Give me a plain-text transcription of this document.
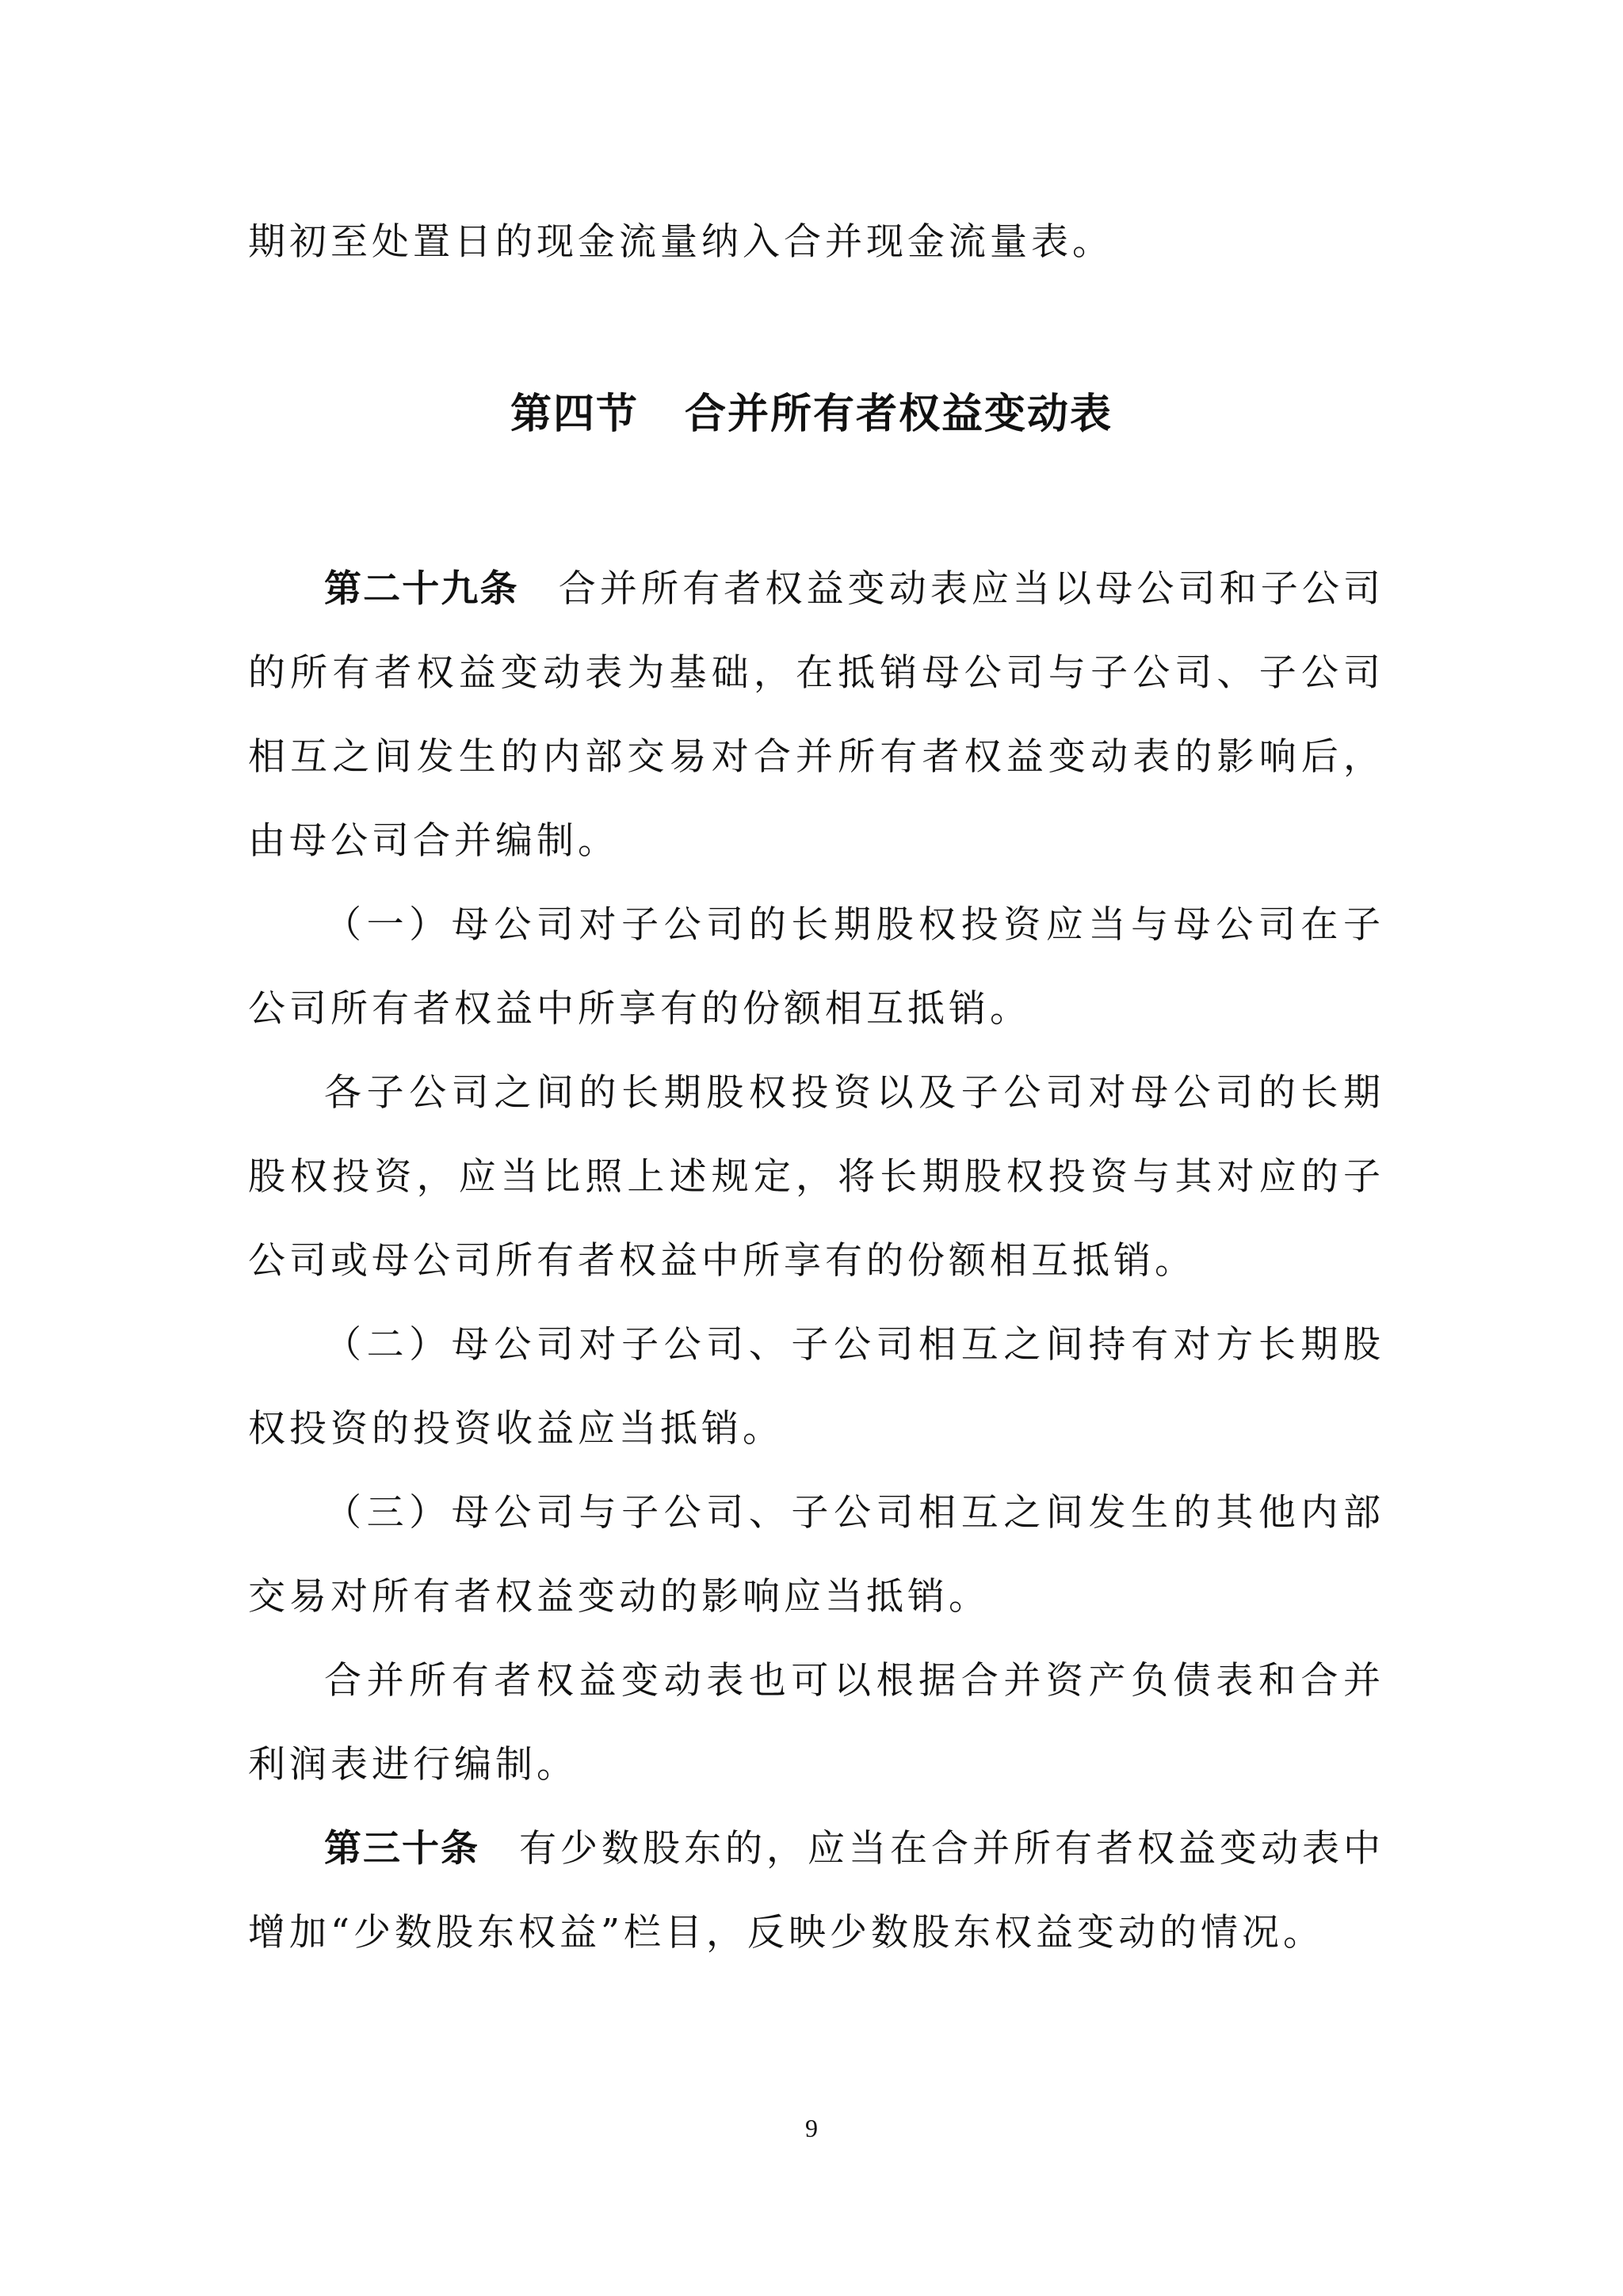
期初至处置日的现金流量纳入合并现金流量表。

第四节 合并所有者权益变动表

第二十九条 合并所有者权益变动表应当以母公司和子公司的所有者权益变动表为基础，在抵销母公司与子公司、子公司相互之间发生的内部交易对合并所有者权益变动表的影响后，由母公司合并编制。

（一）母公司对子公司的长期股权投资应当与母公司在子公司所有者权益中所享有的份额相互抵销。

各子公司之间的长期股权投资以及子公司对母公司的长期股权投资，应当比照上述规定，将长期股权投资与其对应的子公司或母公司所有者权益中所享有的份额相互抵销。

（二）母公司对子公司、子公司相互之间持有对方长期股权投资的投资收益应当抵销。

（三）母公司与子公司、子公司相互之间发生的其他内部交易对所有者权益变动的影响应当抵销。

合并所有者权益变动表也可以根据合并资产负债表和合并利润表进行编制。

第三十条 有少数股东的，应当在合并所有者权益变动表中增加“少数股东权益”栏目，反映少数股东权益变动的情况。

9
